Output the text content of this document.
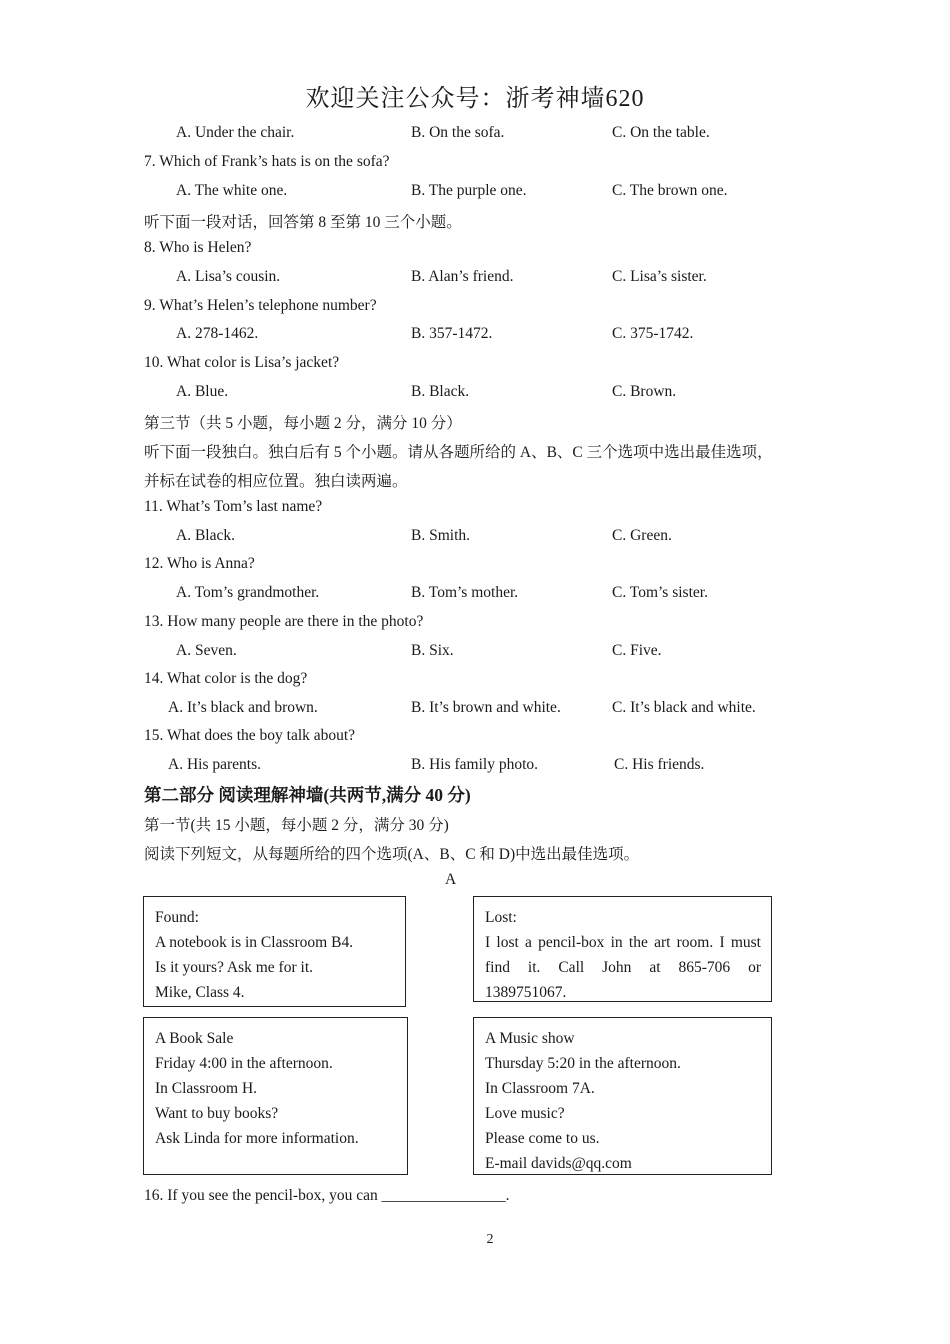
欢迎关注公众号：浙考神墙620
A. Under the chair.	B. On the sofa.	C. On the table.
7. Which of Frank’s hats is on the sofa?
A. The white one.	B. The purple one.	C. The brown one.
听下面一段对话，回答第 8 至第 10 三个小题。
8. Who is Helen?
A. Lisa’s cousin.	B. Alan’s friend.	C. Lisa’s sister.
9. What’s Helen’s telephone number?
A. 278-1462.	B. 357-1472.	C. 375-1742.
10. What color is Lisa’s jacket?
A. Blue.	B. Black.	C. Brown.
第三节（共 5 小题，每小题 2 分，满分 10 分）
听下面一段独白。独白后有 5 个小题。请从各题所给的 A、B、C 三个选项中选出最佳选项，
并标在试卷的相应位置。独白读两遍。
11. What’s Tom’s last name?
A. Black.	B. Smith.	C. Green.
12. Who is Anna?
A. Tom’s grandmother.	B. Tom’s mother.	C. Tom’s sister.
13. How many people are there in the photo?
A. Seven.	B. Six.	C. Five.
14. What color is the dog?
A. It’s black and brown.	B. It’s brown and white.	C. It’s black and white.
15. What does the boy talk about?
A. His parents.	B. His family photo.	C. His friends.
第二部分 阅读理解神墙(共两节,满分 40 分)
第一节(共 15 小题，每小题 2 分，满分 30 分)
阅读下列短文，从每题所给的四个选项(A、B、C 和 D)中选出最佳选项。
A
Found:
A notebook is in Classroom B4.
Is it yours? Ask me for it.
Mike, Class 4.
Lost:
I lost a pencil-box in the art room. I must find it. Call John at 865-706 or 1389751067.
A Book Sale
Friday 4:00 in the afternoon.
In Classroom H.
Want to buy books?
Ask Linda for more information.
A Music show
Thursday 5:20 in the afternoon.
In Classroom 7A.
Love music?
Please come to us.
E-mail davids@qq.com
16. If you see the pencil-box, you can ________________.
2
